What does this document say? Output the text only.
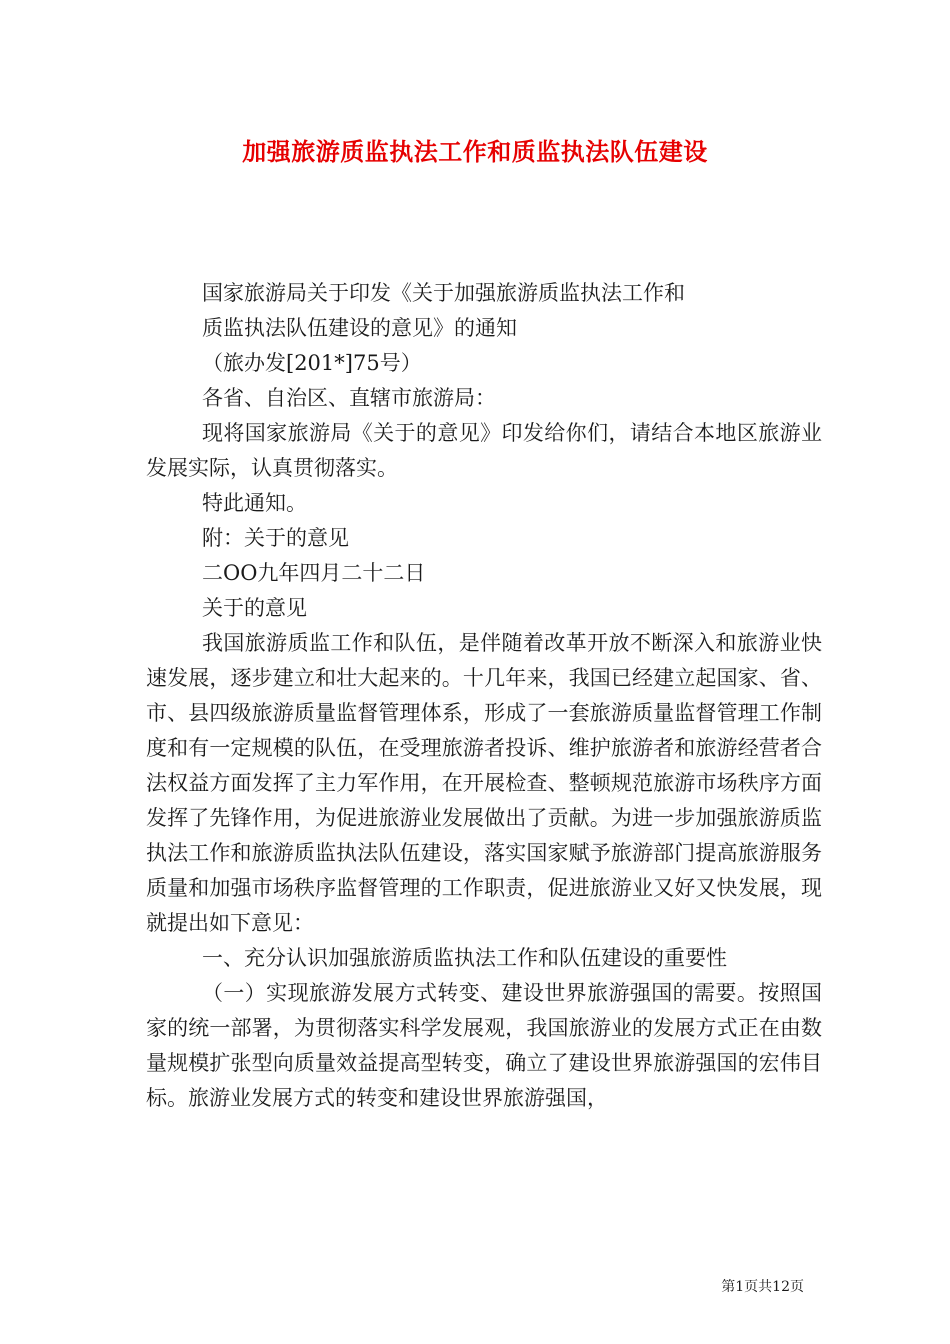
加强旅游质监执法工作和质监执法队伍建设

国家旅游局关于印发《关于加强旅游质监执法工作和

质监执法队伍建设的意见》的通知

（旅办发[201*]75号）

各省、自治区、直辖市旅游局：

现将国家旅游局《关于的意见》印发给你们，请结合本地区旅游业发展实际，认真贯彻落实。

特此通知。

附：关于的意见

二OO九年四月二十二日

关于的意见

我国旅游质监工作和队伍，是伴随着改革开放不断深入和旅游业快速发展，逐步建立和壮大起来的。十几年来，我国已经建立起国家、省、市、县四级旅游质量监督管理体系，形成了一套旅游质量监督管理工作制度和有一定规模的队伍，在受理旅游者投诉、维护旅游者和旅游经营者合法权益方面发挥了主力军作用，在开展检查、整顿规范旅游市场秩序方面发挥了先锋作用，为促进旅游业发展做出了贡献。为进一步加强旅游质监执法工作和旅游质监执法队伍建设，落实国家赋予旅游部门提高旅游服务质量和加强市场秩序监督管理的工作职责，促进旅游业又好又快发展，现就提出如下意见：

一、充分认识加强旅游质监执法工作和队伍建设的重要性

（一）实现旅游发展方式转变、建设世界旅游强国的需要。按照国家的统一部署，为贯彻落实科学发展观，我国旅游业的发展方式正在由数量规模扩张型向质量效益提高型转变，确立了建设世界旅游强国的宏伟目标。旅游业发展方式的转变和建设世界旅游强国，

第1页共12页
